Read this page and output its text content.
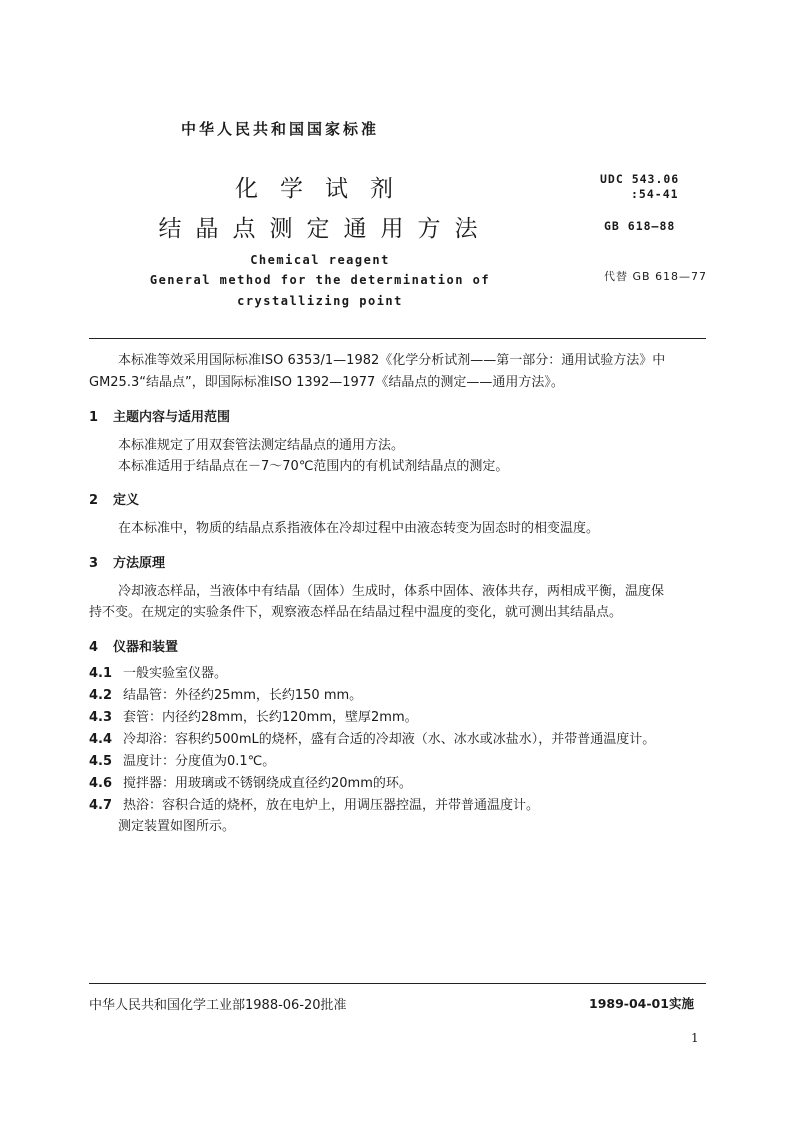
中华人民共和国国家标准
化学试剂
结晶点测定通用方法
Chemical reagent
General method for the determination of
crystallizing point
UDC 543.06
:54-41
GB 618—88
代替 GB 618—77
本标准等效采用国际标准ISO 6353/1—1982《化学分析试剂——第一部分：通用试验方法》中
GM25.3“结晶点”，即国际标准ISO 1392—1977《结晶点的测定——通用方法》。
1 主题内容与适用范围
本标准规定了用双套管法测定结晶点的通用方法。
本标准适用于结晶点在－7～70℃范围内的有机试剂结晶点的测定。
2 定义
在本标准中，物质的结晶点系指液体在冷却过程中由液态转变为固态时的相变温度。
3 方法原理
冷却液态样品，当液体中有结晶（固体）生成时，体系中固体、液体共存，两相成平衡，温度保
持不变。在规定的实验条件下，观察液态样品在结晶过程中温度的变化，就可测出其结晶点。
4 仪器和装置
4.1 一般实验室仪器。
4.2 结晶管：外径约25mm，长约150 mm。
4.3 套管：内径约28mm，长约120mm，壁厚2mm。
4.4 冷却浴：容积约500mL的烧杯，盛有合适的冷却液（水、冰水或冰盐水），并带普通温度计。
4.5 温度计：分度值为0.1℃。
4.6 搅拌器：用玻璃或不锈钢绕成直径约20mm的环。
4.7 热浴：容积合适的烧杯，放在电炉上，用调压器控温，并带普通温度计。
测定装置如图所示。
中华人民共和国化学工业部1988-06-20批准	1989-04-01实施
1
